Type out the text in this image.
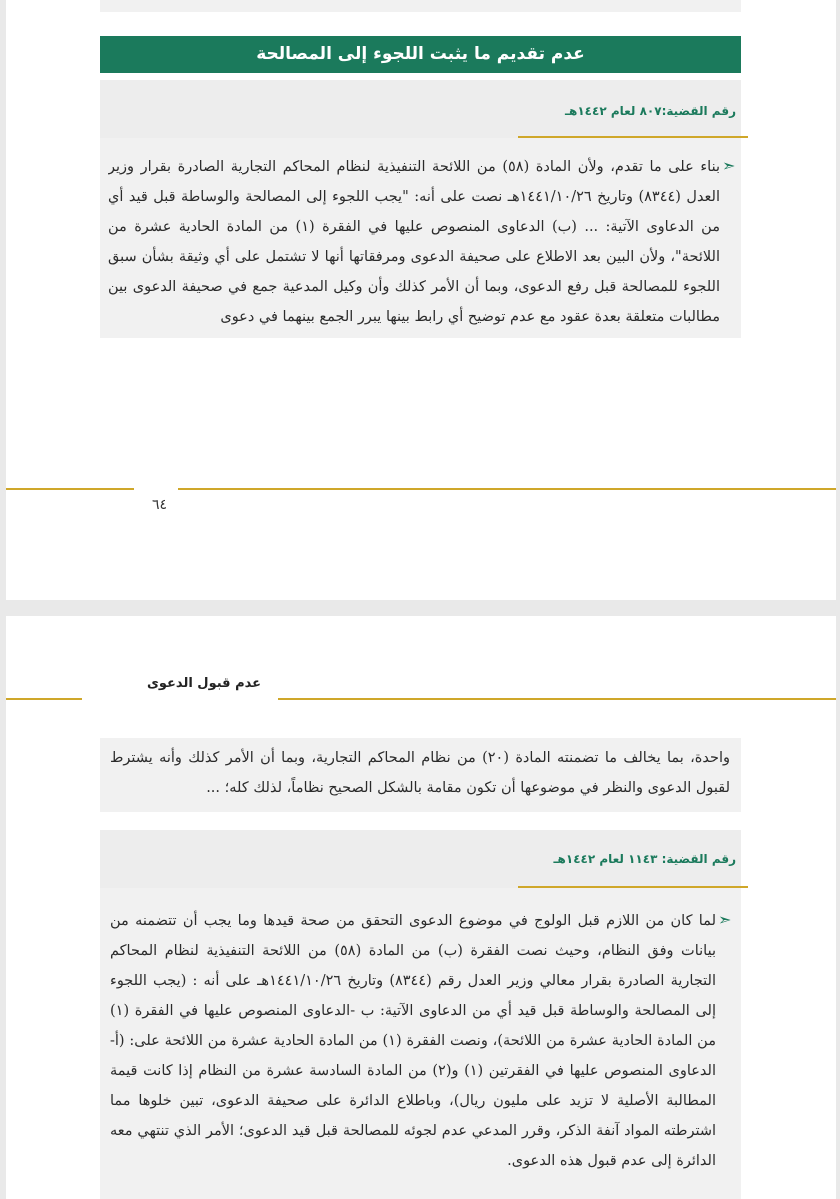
عدم تقديم ما يثبت اللجوء إلى المصالحة
رقم القضية:٨٠٧ لعام ١٤٤٢هـ
➣
بناء على ما تقدم، ولأن المادة (٥٨) من اللائحة التنفيذية لنظام المحاكم التجارية الصادرة بقرار وزير العدل (٨٣٤٤) وتاريخ ١٤٤١/١٠/٢٦هـ نصت على أنه: "يجب اللجوء إلى المصالحة والوساطة قبل قيد أي من الدعاوى الآتية: ... (ب) الدعاوى المنصوص عليها في الفقرة (١) من المادة الحادية عشرة من اللائحة"، ولأن البين بعد الاطلاع على صحيفة الدعوى ومرفقاتها أنها لا تشتمل على أي وثيقة بشأن سبق اللجوء للمصالحة قبل رفع الدعوى، وبما أن الأمر كذلك وأن وكيل المدعية جمع في صحيفة الدعوى بين مطالبات متعلقة بعدة عقود مع عدم توضيح أي رابط بينها يبرر الجمع بينهما في دعوى
٦٤
عدم قبول الدعوى
واحدة، بما يخالف ما تضمنته المادة (٢٠) من نظام المحاكم التجارية، وبما أن الأمر كذلك وأنه يشترط لقبول الدعوى والنظر في موضوعها أن تكون مقامة بالشكل الصحيح نظاماً، لذلك كله؛ ...
رقم القضية: ١١٤٣ لعام ١٤٤٢هـ
➣
لما كان من اللازم قبل الولوج في موضوع الدعوى التحقق من صحة قيدها وما يجب أن تتضمنه من بيانات وفق النظام، وحيث نصت الفقرة (ب) من المادة (٥٨) من اللائحة التنفيذية لنظام المحاكم التجارية الصادرة بقرار معالي وزير العدل رقم (٨٣٤٤) وتاريخ ١٤٤١/١٠/٢٦هـ على أنه : (يجب اللجوء إلى المصالحة والوساطة قبل قيد أي من الدعاوى الآتية: ب -الدعاوى المنصوص عليها في الفقرة (١) من المادة الحادية عشرة من اللائحة)، ونصت الفقرة (١) من المادة الحادية عشرة من اللائحة على: (أ- الدعاوى المنصوص عليها في الفقرتين (١) و(٢) من المادة السادسة عشرة من النظام إذا كانت قيمة المطالبة الأصلية لا تزيد على مليون ريال)، وباطلاع الدائرة على صحيفة الدعوى، تبين خلوها مما اشترطته المواد آنفة الذكر، وقرر المدعي عدم لجوئه للمصالحة قبل قيد الدعوى؛ الأمر الذي تنتهي معه الدائرة إلى عدم قبول هذه الدعوى.
